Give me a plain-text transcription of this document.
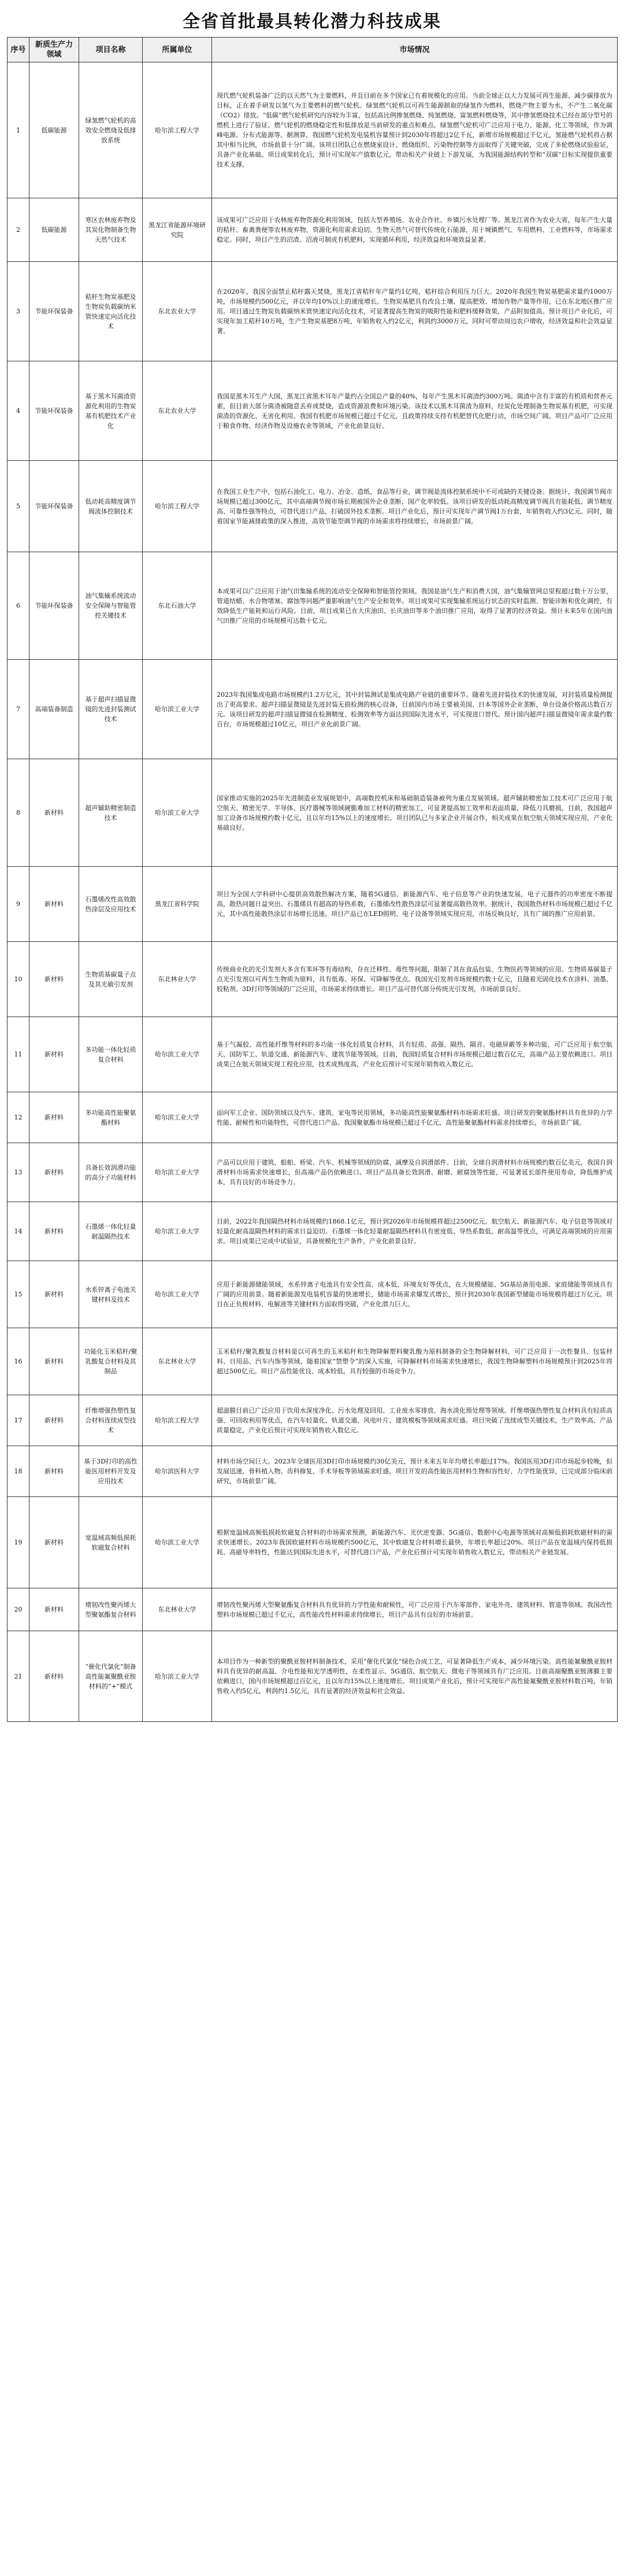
全省首批最具转化潜力科技成果
序号	新质生产力领域	项目名称	所属单位	市场情况
1	低碳能源	绿氢燃气轮机的高效安全燃烧及低排放系统	哈尔滨工程大学	现代燃气轮机装备广泛的以天然气为主要燃料，并且目前在多个国家已有着规模化的应用。当前全球正以大力发展可再生能源、减少碳排放为目标，正在着手研发以氢气为主要燃料的燃气轮机。绿氢燃气轮机以可再生能源制取的绿氢作为燃料，燃烧产物主要为水，不产生二氧化碳（CO2）排放。“低碳”燃气轮机研究内容较为丰富，包括高比例掺氢燃烧、纯氢燃烧、富氢燃料燃烧等，其中掺氢燃烧技术已经在部分型号的燃机上进行了验证。燃气轮机的燃烧稳定性和低排放是当前研发的重点和难点。绿氢燃气轮机可广泛应用于电力、能源、化工等领域，作为调峰电源、分布式能源等。据测算，我国燃气轮机发电装机容量预计到2030年将超过2亿千瓦，新增市场规模超过千亿元，氢能燃气轮机将占据其中相当比例，市场前景十分广阔。该项目团队已在燃烧室设计、燃烧组织、污染物控制等方面取得了关键突破，完成了多轮燃烧试验验证，具备产业化基础。项目成果转化后，预计可实现年产值数亿元，带动相关产业链上下游发展，为我国能源结构转型和“双碳”目标实现提供重要技术支撑。
2	低碳能源	寒区农林废弃物及其炭化物制备生物天然气技术	黑龙江省能源环境研究院	该成果可广泛应用于农林废弃物资源化利用领域，包括大型养殖场、农业合作社、乡镇污水处理厂等。黑龙江省作为农业大省，每年产生大量的秸秆、畜禽粪便等农林废弃物，资源化利用需求迫切。生物天然气可替代传统化石能源，用于城镇燃气、车用燃料、工业燃料等，市场需求稳定。同时，项目产生的沼渣、沼液可制成有机肥料，实现循环利用，经济效益和环境效益显著。
3	节能环保装备	秸秆生物炭基肥及生物炭负载碳纳米管快速定向活化技术	东北农业大学	在2020年，我国全面禁止秸秆露天焚烧，黑龙江省秸秆年产量约1亿吨，秸秆综合利用压力巨大。2020年我国生物炭基肥需求量约1000万吨，市场规模约500亿元，并以年均10%以上的速度增长。生物炭基肥具有改良土壤、提高肥效、增加作物产量等作用，已在东北地区推广应用。项目通过生物炭负载碳纳米管快速定向活化技术，可显著提高生物炭的吸附性能和肥料缓释效果，产品附加值高。预计项目产业化后，可实现年加工秸秆10万吨，生产生物炭基肥8万吨，年销售收入约2亿元，利润约3000万元，同时可带动周边农户增收，经济效益和社会效益显著。
4	节能环保装备	基于黑木耳菌渣资源化利用的生物炭基有机肥技术产业化	东北农业大学	我国是黑木耳生产大国，黑龙江省黑木耳年产量约占全国总产量的40%，每年产生黑木耳菌渣约300万吨。菌渣中含有丰富的有机质和营养元素，但目前大部分菌渣被随意丢弃或焚烧，造成资源浪费和环境污染。该技术以黑木耳菌渣为原料，经炭化处理制备生物炭基有机肥，可实现菌渣的资源化、无害化利用。我国有机肥市场规模已超过千亿元，且政策持续支持有机肥替代化肥行动，市场空间广阔。项目产品可广泛应用于粮食作物、经济作物及设施农业等领域，产业化前景良好。
5	节能环保装备	低动耗高精度调节阀流体控制技术	哈尔滨工程大学	在我国工业生产中，包括石油化工、电力、冶金、造纸、食品等行业，调节阀是流体控制系统中不可或缺的关键设备。据统计，我国调节阀市场规模已超过300亿元，其中高端调节阀市场长期被国外企业垄断，国产化率较低。该项目研发的低动耗高精度调节阀具有能耗低、调节精度高、可靠性强等特点，可替代进口产品，打破国外技术垄断。项目产业化后，预计可实现年产调节阀1万台套，年销售收入约3亿元。同时，随着国家节能减排政策的深入推进，高效节能型调节阀的市场需求将持续增长，市场前景广阔。
6	节能环保装备	油气集输系统流动安全保障与智能管控关键技术	东北石油大学	本成果可以广泛应用于油气田集输系统的流动安全保障和智能管控领域。我国是油气生产和消费大国，油气集输管网总里程超过数十万公里，管道结蜡、水合物堵塞、腐蚀等问题严重影响油气生产安全和效率。项目成果可实现集输系统运行状态的实时监测、智能诊断和优化调控，有效降低生产能耗和运行风险。目前，项目成果已在大庆油田、长庆油田等多个油田推广应用，取得了显著的经济效益。预计未来5年在国内油气田推广应用的市场规模可达数十亿元。
7	高端装备制造	基于超声扫描显微镜的先进封装测试技术	哈尔滨工业大学	2023年我国集成电路市场规模约1.2万亿元，其中封装测试是集成电路产业链的重要环节。随着先进封装技术的快速发展，对封装质量检测提出了更高要求。超声扫描显微镜是先进封装无损检测的核心设备，目前国内市场主要被美国、日本等国外企业垄断，单台设备价格高达数百万元。该项目研发的超声扫描显微镜在检测精度、检测效率等方面达到国际先进水平，可实现进口替代。预计国内超声扫描显微镜年需求量约数百台，市场规模超过10亿元，项目产业化前景广阔。
8	新材料	超声辅助精密制造技术	哈尔滨工业大学	国家推动实施的2025年先进制造业发展规划中，高端数控机床和基础制造装备被列为重点发展领域。超声辅助精密加工技术可广泛应用于航空航天、精密光学、半导体、医疗器械等领域硬脆难加工材料的精密加工，可显著提高加工效率和表面质量，降低刀具磨损。目前，我国超声加工设备市场规模约数十亿元，且以年均15%以上的速度增长。项目团队已与多家企业开展合作，相关成果在航空航天领域实现应用，产业化基础良好。
9	新材料	石墨烯改性高效散热涂层及应用技术	黑龙江省科学院	项目为全国大学科研中心提供高效散热解决方案，随着5G通信、新能源汽车、电子信息等产业的快速发展，电子元器件的功率密度不断提高，散热问题日益突出。石墨烯具有超高的导热系数，石墨烯改性散热涂层可显著提高散热效率。据统计，我国散热材料市场规模已超过千亿元，其中高性能散热涂层市场增长迅速。项目产品已在LED照明、电子设备等领域实现应用，市场反响良好，具有广阔的推广应用前景。
10	新材料	生物质基碳量子点及其光敏引发剂	东北林业大学	传统商业化的光引发剂大多含有苯环等有毒结构，存在迁移性、毒性等问题，限制了其在食品包装、生物医药等领域的应用。生物质基碳量子点光引发剂以可再生生物质为原料，具有低毒、环保、可降解等优点。我国光引发剂市场规模约数十亿元，且随着光固化技术在涂料、油墨、胶粘剂、3D打印等领域的广泛应用，市场需求持续增长。项目产品可替代部分传统光引发剂，市场前景良好。
11	新材料	多功能一体化轻质复合材料	哈尔滨工业大学	基于气凝胶、高性能纤维等材料的多功能一体化轻质复合材料，具有轻质、高强、隔热、隔音、电磁屏蔽等多种功能，可广泛应用于航空航天、国防军工、轨道交通、新能源汽车、建筑节能等领域。目前，我国轻质复合材料市场规模已超过数百亿元，高端产品主要依赖进口。项目成果已在航天领域实现工程化应用，技术成熟度高，产业化后预计可实现年销售收入数亿元。
12	新材料	多功能高性能聚氨酯材料	哈尔滨工业大学	面向军工企业、国防领域以及汽车、建筑、家电等民用领域，多功能高性能聚氨酯材料市场需求旺盛。项目研发的聚氨酯材料具有优异的力学性能、耐候性和功能特性，可替代进口产品。我国聚氨酯市场规模已超过千亿元，高性能聚氨酯材料需求持续增长，市场前景广阔。
13	新材料	具备长效润滑功能的高分子功能材料	哈尔滨工业大学	产品可以应用于建筑、船舶、桥梁、汽车、机械等领域的防腐、减摩及自润滑部件。目前，全球自润滑材料市场规模约数百亿美元，我国自润滑材料市场需求快速增长，但高端产品仍依赖进口。项目产品具备长效润滑、耐磨、耐腐蚀等性能，可显著延长部件使用寿命，降低维护成本，具有良好的市场竞争力。
14	新材料	石墨烯一体化轻量耐温隔热技术	哈尔滨工业大学	目前，2022年我国隔热材料市场规模约1868.1亿元，预计到2026年市场规模将超过2500亿元。航空航天、新能源汽车、电子信息等领域对轻量化耐高温隔热材料的需求日益迫切。石墨烯一体化轻量耐温隔热材料具有密度低、导热系数低、耐高温等优点，可满足高端领域的应用需求。项目成果已完成中试验证，具备规模化生产条件，产业化前景良好。
15	新材料	水系锌离子电池关键材料及技术	哈尔滨工业大学	应用于新能源储能领域，水系锌离子电池具有安全性高、成本低、环境友好等优点，在大规模储能、5G基站备用电源、家庭储能等领域具有广阔的应用前景。随着新能源发电装机容量的快速增长，储能市场需求爆发式增长，预计到2030年我国新型储能市场规模将超过万亿元。项目在正负极材料、电解液等关键材料方面取得突破，产业化潜力巨大。
16	新材料	功能化玉米秸秆/聚乳酸复合材料及其制品	东北林业大学	玉米秸秆/聚乳酸复合材料是以可再生的玉米秸秆和生物降解塑料聚乳酸为原料制备的全生物降解材料，可广泛应用于一次性餐具、包装材料、日用品、汽车内饰等领域。随着国家“禁塑令”的深入实施，可降解材料市场需求快速增长，我国生物降解塑料市场规模预计到2025年将超过500亿元。项目产品性能优良、成本较低，具有较强的市场竞争力。
17	新材料	纤维增强热塑性复合材料连续成型技术	哈尔滨工程大学	超滤膜目前已广泛应用于饮用水深度净化、污水处理及回用、工业废水零排放、海水淡化预处理等领域。纤维增强热塑性复合材料具有轻质高强、可回收利用等优点，在汽车轻量化、轨道交通、风电叶片、建筑模板等领域需求旺盛。项目突破了连续成型关键技术，生产效率高、产品质量稳定，产业化后预计可实现年销售收入数亿元。
18	新材料	基于3D打印的高性能医用材料开发及应用技术	哈尔滨医科大学	材料市场空间巨大。2023年全球医用3D打印市场规模约30亿美元，预计未来五年年均增长率超过17%。我国医用3D打印市场起步较晚，但发展迅速，骨科植入物、齿科修复、手术导板等领域需求旺盛。项目开发的高性能医用材料生物相容性好、力学性能优异，已完成部分临床前研究，市场前景广阔。
19	新材料	宽温域高频低损耗软磁复合材料	哈尔滨工业大学	根据宽温域高频低损耗软磁复合材料的市场需求预测，新能源汽车、光伏逆变器、5G通信、数据中心电源等领域对高频低损耗软磁材料的需求快速增长。2023年我国软磁材料市场规模约500亿元，其中软磁复合材料增长最快，年增长率超过20%。项目产品在宽温域内保持低损耗、高磁导率特性，性能达到国际先进水平，可替代进口产品，产业化后预计可实现年销售收入数亿元，带动相关产业链发展。
20	新材料	增韧改性聚丙烯大型聚氨酯复合材料	东北林业大学	增韧改性聚丙烯大型聚氨酯复合材料具有优异的力学性能和耐候性，可广泛应用于汽车零部件、家电外壳、建筑材料、管道等领域。我国改性塑料市场规模已超过千亿元，高性能改性材料需求持续增长，项目产品具有良好的市场前景。
21	新材料	“催化代氯化”制备高性能氟聚酰亚胺材料的“+”模式	哈尔滨工业大学	本项目作为一种新型的聚酰亚胺材料制备技术，采用“催化代氯化”绿色合成工艺，可显著降低生产成本，减少环境污染。高性能氟聚酰亚胺材料具有优异的耐高温、介电性能和光学透明性，在柔性显示、5G通信、航空航天、微电子等领域具有广泛应用。目前高端聚酰亚胺薄膜主要依赖进口，国内市场规模超过百亿元，且以年均15%以上速度增长。项目成果产业化后，预计可实现年产高性能氟聚酰亚胺材料数百吨，年销售收入约5亿元，利润约1.5亿元，具有显著的经济效益和社会效益。
